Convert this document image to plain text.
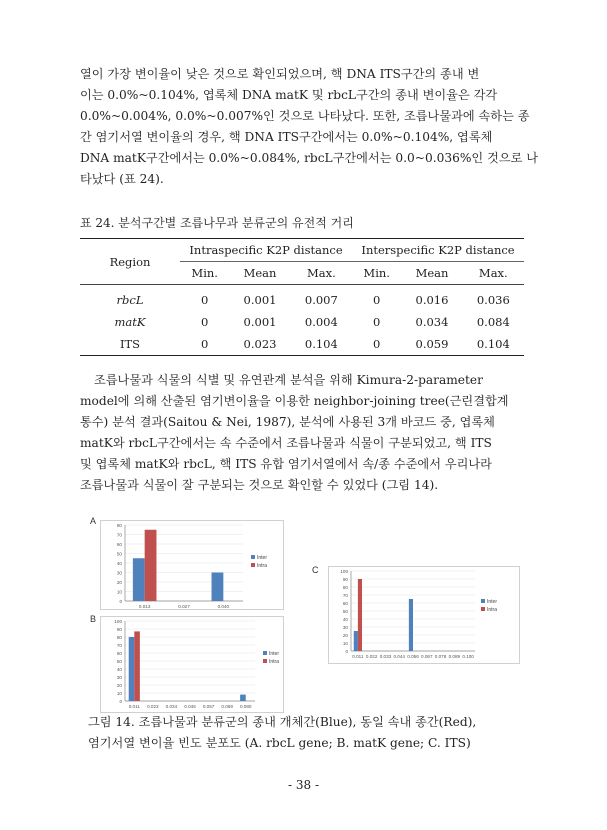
열이 가장 변이율이 낮은 것으로 확인되었으며, 핵 DNA ITS구간의 종내 변
이는 0.0%~0.104%, 엽록체 DNA matK 및 rbcL구간의 종내 변이율은 각각
0.0%~0.004%, 0.0%~0.007%인 것으로 나타났다. 또한, 조릅나물과에 속하는 종
간 염기서열 변이율의 경우, 핵 DNA ITS구간에서는 0.0%~0.104%, 엽록체
DNA matK구간에서는 0.0%~0.084%, rbcL구간에서는 0.0~0.036%인 것으로 나
타났다 (표 24).
표 24. 분석구간별 조릅나무과 분류군의 유전적 거리
Region	Intraspecific K2P distance			Interspecific K2P distance		
	Min.	Mean	Max.	Min.	Mean	Max.
rbcL	0	0.001	0.007	0	0.016	0.036
matK	0	0.001	0.004	0	0.034	0.084
ITS	0	0.023	0.104	0	0.059	0.104
조릅나물과 식물의 식별 및 유연관계 분석을 위해 Kimura-2-parameter
model에 의해 산출된 염기변이율을 이용한 neighbor-joining tree(근린결합계
통수) 분석 결과(Saitou & Nei, 1987), 분석에 사용된 3개 바코드 중, 엽록체
matK와 rbcL구간에서는 속 수준에서 조릅나물과 식물이 구분되었고, 핵 ITS
및 엽록체 matK와 rbcL, 핵 ITS 유합 염기서열에서 속/종 수준에서 우리나라
조릅나물과 식물이 잘 구분되는 것으로 확인할 수 있었다 (그림 14).
A
0
10
20
30
40
50
60
70
80
0.013	0.027	0.040
Inter
Intra
B
0
10
20
30
40
50
60
70
80
90
100
0.011 0.023 0.034 0.046 0.057 0.069 0.080
Inter
Intra
C
0
10
20
30
40
50
60
70
80
90
100
0.011 0.022 0.033 0.044 0.056 0.067 0.078 0.089 0.100
Inter
Intra
그림 14. 조릅나물과 분류군의 종내 개체간(Blue), 동일 속내 종간(Red),
염기서열 변이율 빈도 분포도 (A. rbcL gene; B. matK gene; C. ITS)
- 38 -
